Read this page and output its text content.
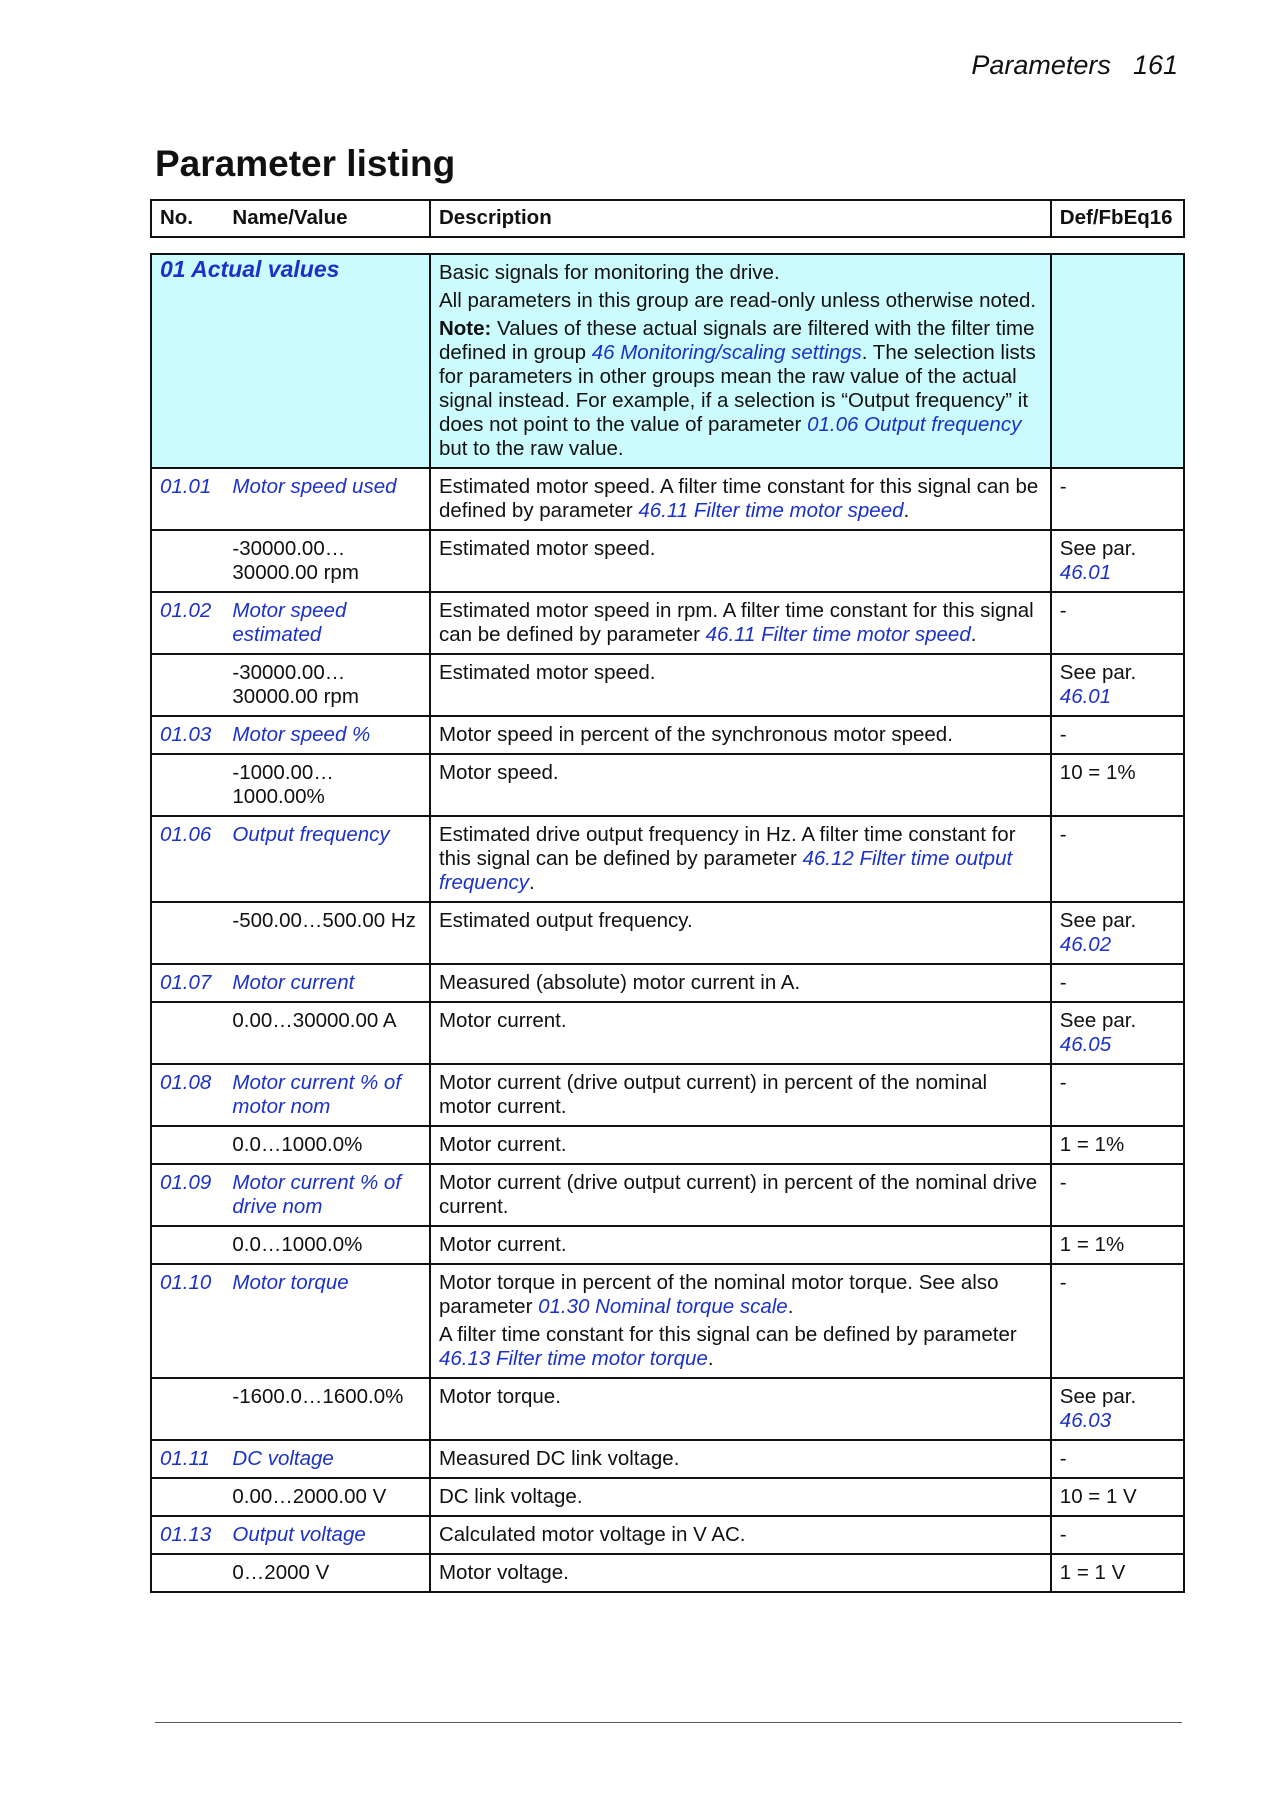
Parameters 161
Parameter listing
No.	Name/Value	Description	Def/FbEq16
01 Actual values		Basic signals for monitoring the drive.
All parameters in this group are read-only unless otherwise noted.
Note: Values of these actual signals are filtered with the filter time defined in group 46 Monitoring/scaling settings. The selection lists for parameters in other groups mean the raw value of the actual signal instead. For example, if a selection is “Output frequency” it does not point to the value of parameter 01.06 Output frequency but to the raw value.	

01.01	Motor speed used	Estimated motor speed. A filter time constant for this signal can be defined by parameter 46.11 Filter time motor speed.	-
	-30000.00… 30000.00 rpm	Estimated motor speed.	See par.
46.01
01.02	Motor speed estimated	Estimated motor speed in rpm. A filter time constant for this signal can be defined by parameter 46.11 Filter time motor speed.	-
	-30000.00… 30000.00 rpm	Estimated motor speed.	See par.
46.01
01.03	Motor speed %	Motor speed in percent of the synchronous motor speed.	-
	-1000.00… 1000.00%	Motor speed.	10 = 1%
01.06	Output frequency	Estimated drive output frequency in Hz. A filter time constant for this signal can be defined by parameter 46.12 Filter time output frequency.	-
	-500.00…500.00 Hz	Estimated output frequency.	See par.
46.02
01.07	Motor current	Measured (absolute) motor current in A.	-
	0.00…30000.00 A	Motor current.	See par.
46.05
01.08	Motor current % of motor nom	Motor current (drive output current) in percent of the nominal motor current.	-
	0.0…1000.0%	Motor current.	1 = 1%
01.09	Motor current % of drive nom	Motor current (drive output current) in percent of the nominal drive current.	-
	0.0…1000.0%	Motor current.	1 = 1%
01.10	Motor torque	Motor torque in percent of the nominal motor torque. See also parameter 01.30 Nominal torque scale.
A filter time constant for this signal can be defined by parameter 46.13 Filter time motor torque.	-
	-1600.0…1600.0%	Motor torque.	See par.
46.03
01.11	DC voltage	Measured DC link voltage.	-
	0.00…2000.00 V	DC link voltage.	10 = 1 V
01.13	Output voltage	Calculated motor voltage in V AC.	-
	0…2000 V	Motor voltage.	1 = 1 V
